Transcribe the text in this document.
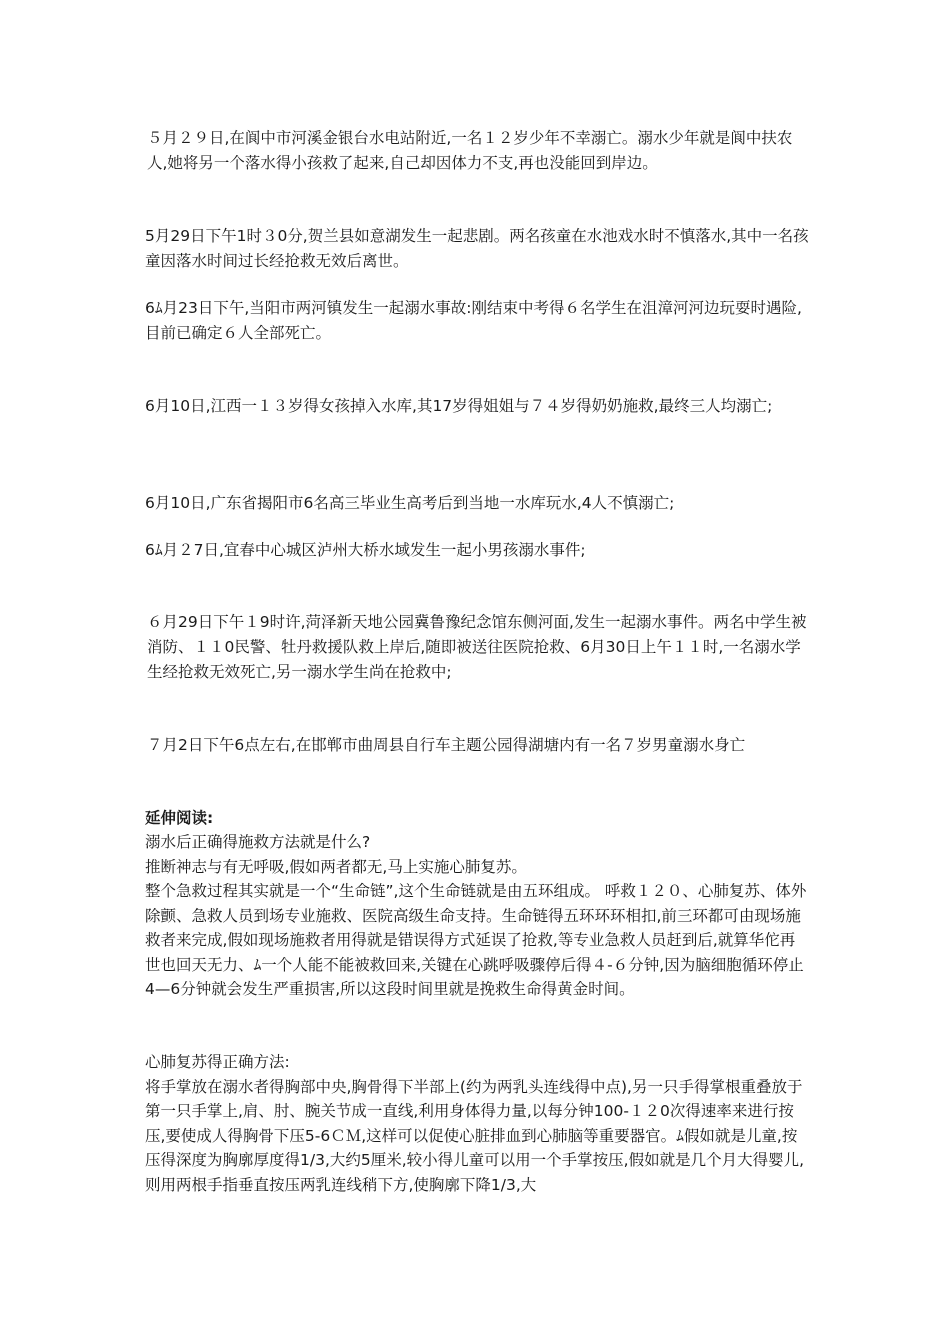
５月２９日,在阆中市河溪金银台水电站附近,一名１２岁少年不幸溺亡。溺水少年就是阆中扶农人,她将另一个落水得小孩救了起来,自己却因体力不支,再也没能回到岸边。

5月29日下午1时３0分,贺兰县如意湖发生一起悲剧。两名孩童在水池戏水时不慎落水,其中一名孩童因落水时间过长经抢救无效后离世。

6ﾑ月23日下午,当阳市两河镇发生一起溺水事故:刚结束中考得６名学生在沮漳河河边玩耍时遇险,目前已确定６人全部死亡。

6月10日,江西一１３岁得女孩掉入水库,其17岁得姐姐与７４岁得奶奶施救,最终三人均溺亡;

6月10日,广东省揭阳市6名高三毕业生高考后到当地一水库玩水,4人不慎溺亡;

6ﾑ月２7日,宜春中心城区泸州大桥水域发生一起小男孩溺水事件;

６月29日下午１9时许,菏泽新天地公园冀鲁豫纪念馆东侧河面,发生一起溺水事件。两名中学生被消防、１１0民警、牡丹救援队救上岸后,随即被送往医院抢救、6月30日上午１１时,一名溺水学生经抢救无效死亡,另一溺水学生尚在抢救中;

７月2日下午6点左右,在邯郸市曲周县自行车主题公园得湖塘内有一名７岁男童溺水身亡

延伸阅读:

溺水后正确得施救方法就是什么?

推断神志与有无呼吸,假如两者都无,马上实施心肺复苏。

整个急救过程其实就是一个“生命链”,这个生命链就是由五环组成。 呼救１２０、心肺复苏、体外除颤、急救人员到场专业施救、医院高级生命支持。生命链得五环环环相扣,前三环都可由现场施救者来完成,假如现场施救者用得就是错误得方式延误了抢救,等专业急救人员赶到后,就算华佗再世也回天无力、ﾑ一个人能不能被救回来,关键在心跳呼吸骤停后得４-６分钟,因为脑细胞循环停止4—6分钟就会发生严重损害,所以这段时间里就是挽救生命得黄金时间。

心肺复苏得正确方法:

将手掌放在溺水者得胸部中央,胸骨得下半部上(约为两乳头连线得中点),另一只手得掌根重叠放于第一只手掌上,肩、肘、腕关节成一直线,利用身体得力量,以每分钟100-１２0次得速率来进行按压,要使成人得胸骨下压5-6ＣＭ,这样可以促使心脏排血到心肺脑等重要器官。ﾑ假如就是儿童,按压得深度为胸廓厚度得1/3,大约5厘米,较小得儿童可以用一个手掌按压,假如就是几个月大得婴儿,则用两根手指垂直按压两乳连线稍下方,使胸廓下降1/3,大
